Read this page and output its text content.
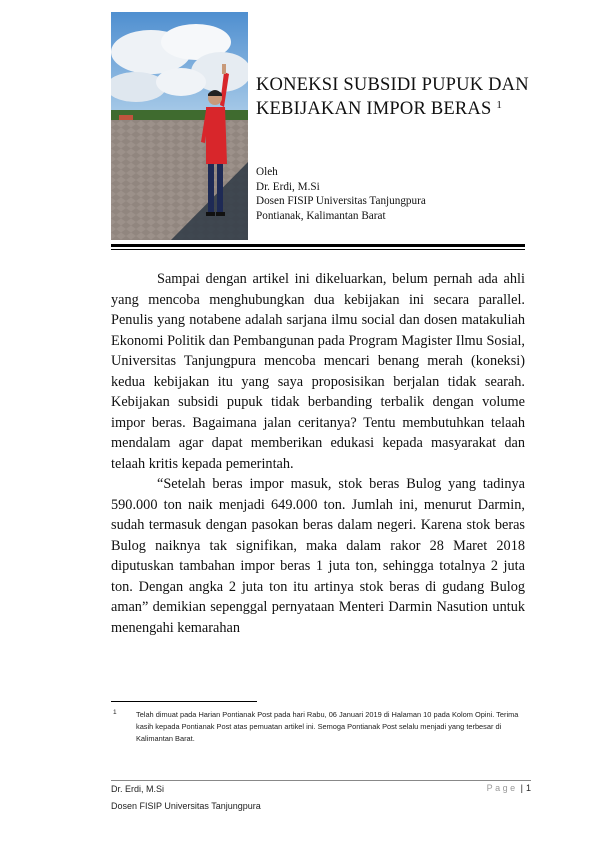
KONEKSI SUBSIDI PUPUK DAN KEBIJAKAN IMPOR BERAS $^1$
Oleh
Dr. Erdi, M.Si
Dosen FISIP Universitas Tanjungpura
Pontianak, Kalimantan Barat

Sampai dengan artikel ini dikeluarkan, belum pernah ada ahli yang mencoba menghubungkan dua kebijakan ini secara parallel. Penulis yang notabene adalah sarjana ilmu social dan dosen matakuliah Ekonomi Politik dan Pembangunan pada Program Magister Ilmu Sosial, Universitas Tanjungpura mencoba mencari benang merah (koneksi) kedua kebijakan itu yang saya proposisikan berjalan tidak searah. Kebijakan subsidi pupuk tidak berbanding terbalik dengan volume impor beras. Bagaimana jalan ceritanya? Tentu membutuhkan telaah mendalam agar dapat memberikan edukasi kepada masyarakat dan telaah kritis kepada pemerintah.

“Setelah beras impor masuk, stok beras Bulog yang tadinya 590.000 ton naik menjadi 649.000 ton. Jumlah ini, menurut Darmin, sudah termasuk dengan pasokan beras dalam negeri. Karena stok beras Bulog naiknya tak signifikan, maka dalam rakor 28 Maret 2018 diputuskan tambahan impor beras 1 juta ton, sehingga totalnya 2 juta ton. Dengan angka 2 juta ton itu artinya stok beras di gudang Bulog aman” demikian sepenggal pernyataan Menteri Darmin Nasution untuk menengahi kemarahan

1	Telah dimuat pada Harian Pontianak Post pada hari Rabu, 06 Januari 2019 di Halaman 10 pada Kolom Opini. Terima kasih kepada Pontianak Post atas pemuatan artikel ini. Semoga Pontianak Post selalu menjadi yang terbesar di Kalimantan Barat.
Dr. Erdi, M.Si	Page | 1
Dosen FISIP Universitas Tanjungpura
